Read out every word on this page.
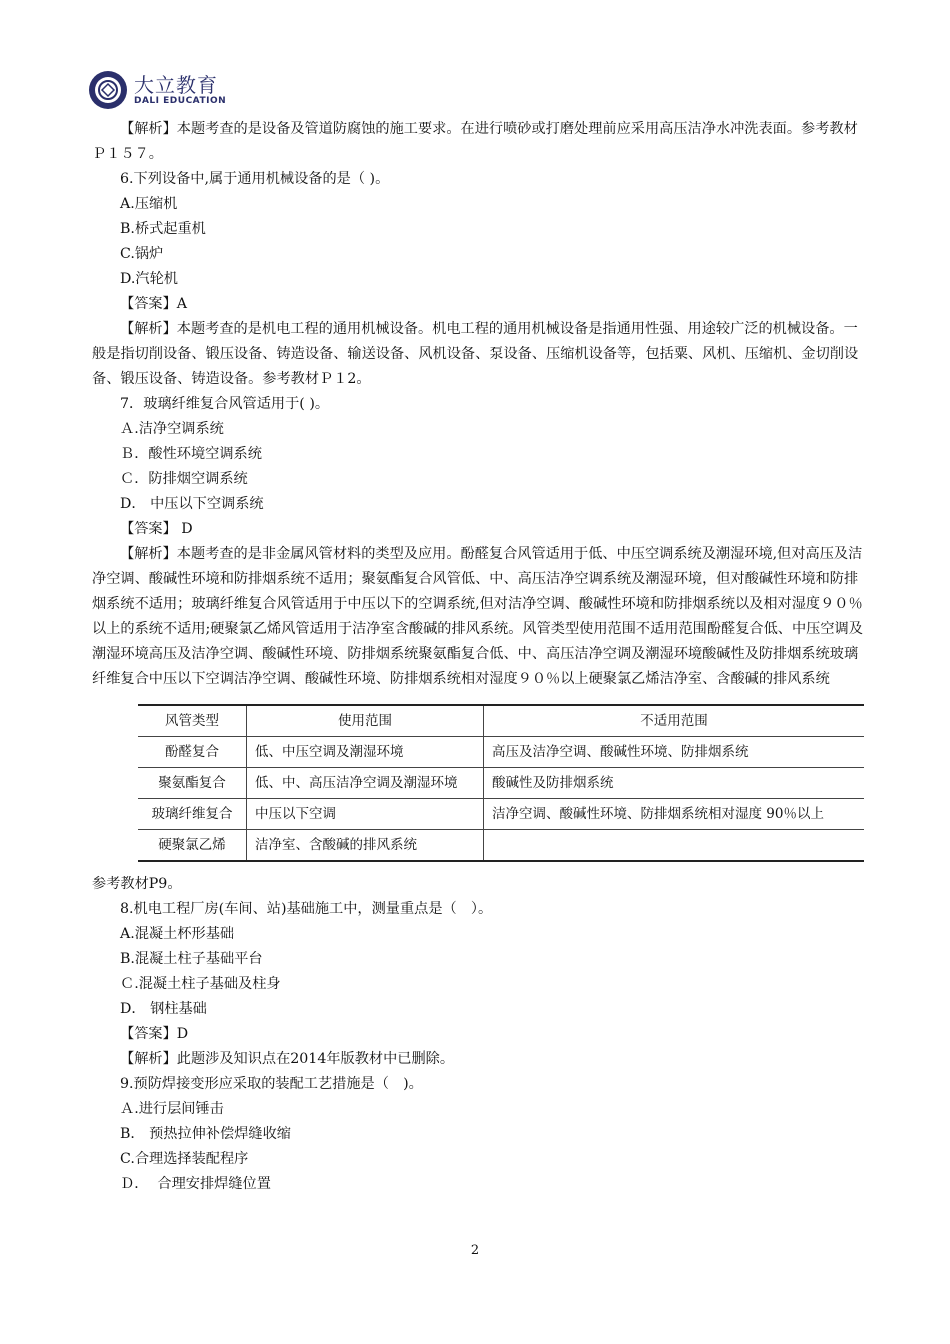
大立教育
DALI EDUCATION

【解析】本题考查的是设备及管道防腐蚀的施工要求。在进行喷砂或打磨处理前应采用高压洁净水冲洗表面。参考教材Ｐ１５７。

6.下列设备中,属于通用机械设备的是（ )。

A.压缩机

B.桥式起重机

C.锅炉

D.汽轮机

【答案】A

【解析】本题考查的是机电工程的通用机械设备。机电工程的通用机械设备是指通用性强、用途较广泛的机械设备。一般是指切削设备、锻压设备、铸造设备、输送设备、风机设备、泵设备、压缩机设备等，包括粟、风机、压缩机、金切削设备、锻压设备、铸造设备。参考教材Ｐ１2。

7．玻璃纤维复合风管适用于( )。

Ａ.洁净空调系统

Ｂ．酸性环境空调系统

Ｃ．防排烟空调系统

D． 中压以下空调系统

【答案】 D

【解析】本题考查的是非金属风管材料的类型及应用。酚醛复合风管适用于低、中压空调系统及潮湿环境,但对高压及洁净空调、酸碱性环境和防排烟系统不适用；聚氨酯复合风管低、中、高压洁净空调系统及潮湿环境，但对酸碱性环境和防排烟系统不适用；玻璃纤维复合风管适用于中压以下的空调系统,但对洁净空调、酸碱性环境和防排烟系统以及相对湿度９０％以上的系统不适用;硬聚氯乙烯风管适用于洁净室含酸碱的排风系统。风管类型使用范围不适用范围酚醛复合低、中压空调及潮湿环境高压及洁净空调、酸碱性环境、防排烟系统聚氨酯复合低、中、高压洁净空调及潮湿环境酸碱性及防排烟系统玻璃纤维复合中压以下空调洁净空调、酸碱性环境、防排烟系统相对湿度９０％以上硬聚氯乙烯洁净室、含酸碱的排风系统

风管类型	使用范围	不适用范围
酚醛复合	低、中压空调及潮湿环境	高压及洁净空调、酸碱性环境、防排烟系统
聚氨酯复合	低、中、高压洁净空调及潮湿环境	酸碱性及防排烟系统
玻璃纤维复合	中压以下空调	洁净空调、酸碱性环境、防排烟系统相对湿度 90％以上
硬聚氯乙烯	洁净室、含酸碱的排风系统	

参考教材P9。

8.机电工程厂房(车间、站)基础施工中，测量重点是（　）。

A.混凝土杯形基础

B.混凝土柱子基础平台

Ｃ.混凝土柱子基础及柱身

D． 钢柱基础

【答案】D

【解析】此题涉及知识点在2014年版教材中已删除。

9.预防焊接变形应采取的装配工艺措施是（　)。

Ａ.进行层间锤击

B． 预热拉伸补偿焊缝收缩

C.合理选择装配程序

Ｄ．  合理安排焊缝位置

2
